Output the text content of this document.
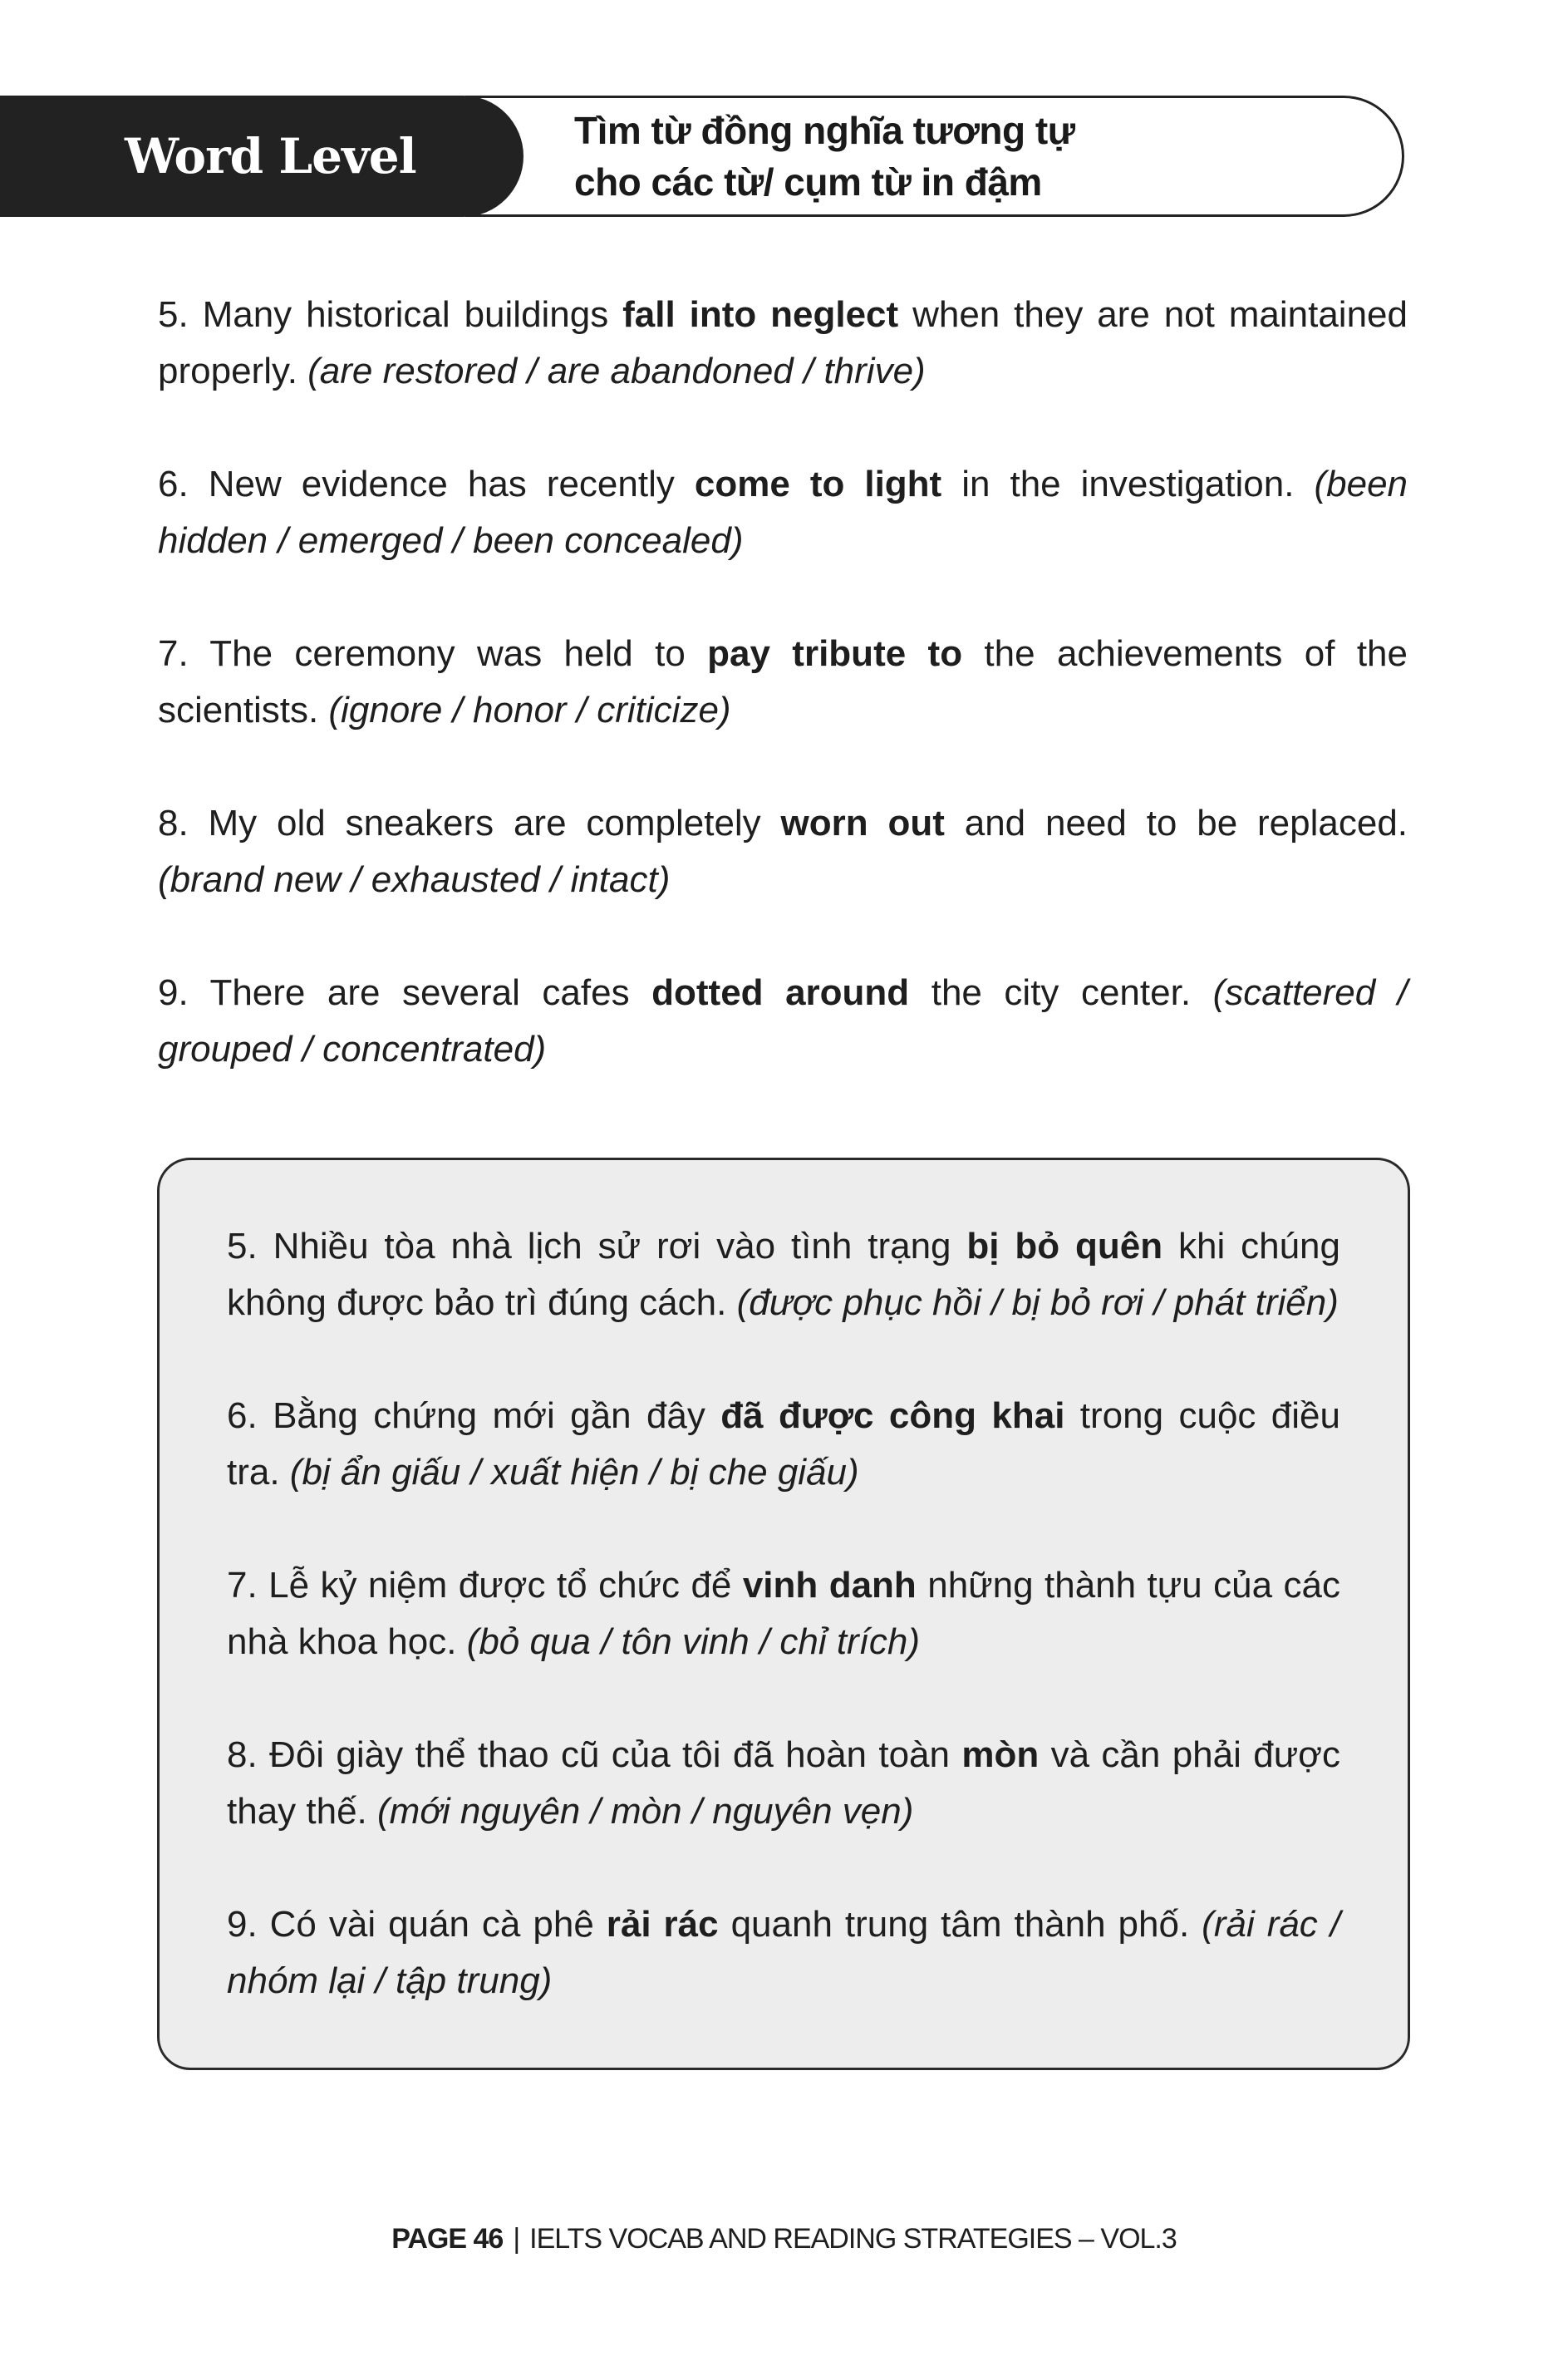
Word Level	Tìm từ đồng nghĩa tương tự
cho các từ/ cụm từ in đậm

5. Many historical buildings fall into neglect when they are not maintained properly. (are restored / are abandoned / thrive)

6. New evidence has recently come to light in the investigation. (been hidden / emerged / been concealed)

7. The ceremony was held to pay tribute to the achievements of the scientists. (ignore / honor / criticize)

8. My old sneakers are completely worn out and need to be replaced. (brand new / exhausted / intact)

9. There are several cafes dotted around the city center. (scattered / grouped / concentrated)

5. Nhiều tòa nhà lịch sử rơi vào tình trạng bị bỏ quên khi chúng không được bảo trì đúng cách. (được phục hồi / bị bỏ rơi / phát triển)

6. Bằng chứng mới gần đây đã được công khai trong cuộc điều tra. (bị ẩn giấu / xuất hiện / bị che giấu)

7. Lễ kỷ niệm được tổ chức để vinh danh những thành tựu của các nhà khoa học. (bỏ qua / tôn vinh / chỉ trích)

8. Đôi giày thể thao cũ của tôi đã hoàn toàn mòn và cần phải được thay thế. (mới nguyên / mòn / nguyên vẹn)

9. Có vài quán cà phê rải rác quanh trung tâm thành phố. (rải rác / nhóm lại / tập trung)

PAGE 46 | IELTS VOCAB AND READING STRATEGIES – VOL.3
